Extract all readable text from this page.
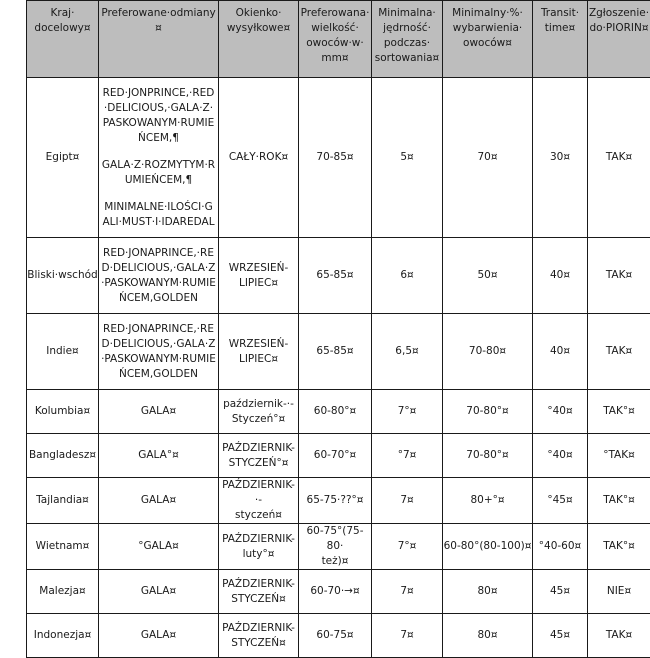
Kraj·
docelowy¤	Preferowane·odmiany¤	Okienko·
wysyłkowe¤	Preferowana·
wielkość·
owoców·w·
mm¤	Minimalna·
jędrność·
podczas·
sortowania¤	Minimalny·%·
wybarwienia·
owoców¤	Transit·
time¤	Zgłoszenie·
do·PIORIN¤
Egipt¤	RED·JONPRINCE,·RED·DELICIOUS,·GALA·Z·PASKOWANYM·RUMIEŃCEM,¶

GALA·Z·ROZMYTYM·RUMIEŃCEM,¶

MINIMALNE·ILOŚCI·GALI·MUST·I·IDAREDAL	CAŁY·ROK¤	70-85¤	5¤	70¤	30¤	TAK¤
Bliski·wschód	RED·JONAPRINCE,·RED·DELICIOUS,·GALA·Z·PASKOWANYM·RUMIEŃCEM,GOLDEN	WRZESIEŃ-
LIPIEC¤	65-85¤	6¤	50¤	40¤	TAK¤
Indie¤	RED·JONAPRINCE,·RED·DELICIOUS,·GALA·Z·PASKOWANYM·RUMIEŃCEM,GOLDEN	WRZESIEŃ-
LIPIEC¤	65-85¤	6,5¤	70-80¤	40¤	TAK¤
Kolumbia¤	GALA¤	październik-·-
Styczeń°¤	60-80°¤	7°¤	70-80°¤	°40¤	TAK°¤
Bangladesz¤	GALA°¤	PAŹDZIERNIK-
STYCZEŃ°¤	60-70°¤	°7¤	70-80°¤	°40¤	°TAK¤
Tajlandia¤	GALA¤	PAŹDZIERNIK-·-
styczeń¤	65-75·??°¤	7¤	80+°¤	°45¤	TAK°¤
Wietnam¤	°GALA¤	PAŹDZIERNIK-
luty°¤	60-75°(75-80·
też)¤	7°¤	60-80°(80-100)¤	°40-60¤	TAK°¤
Malezja¤	GALA¤	PAŹDZIERNIK-
STYCZEŃ¤	60-70·→¤	7¤	80¤	45¤	NIE¤
Indonezja¤	GALA¤	PAŹDZIERNIK-
STYCZEŃ¤	60-75¤	7¤	80¤	45¤	TAK¤
